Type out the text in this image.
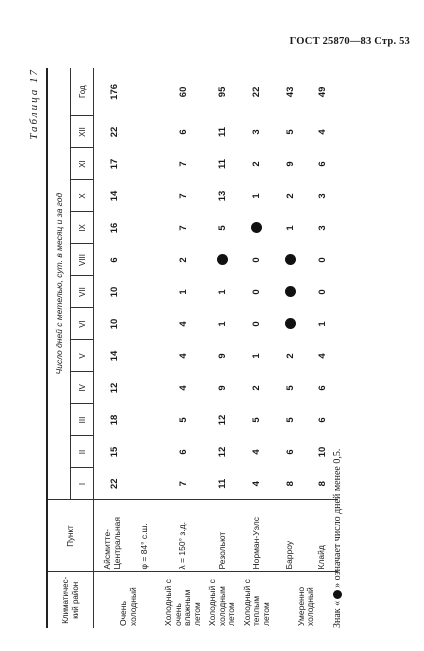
ГОСТ 25870—83 Стр. 53
Таблица 17
Климатичес-кий район	Пункт	Число дней с метелью, сут. в месяц и за год												
		I	II	III	IV	V	VI	VII	VIII	IX	X	XI	XII	Год
Очень холодный	Айсмитте-Центральная	22	15	18	12	14	10	10	6	16	14	17	22	176
	φ = 84° с.ш.													
Холодный с очень влажным летом	λ = 150° з.д.	7	6	5	4	4	4	1	2	7	7	7	6	60
Холодный с холодным летом	Резольют	11	12	12	9	9	1	1		5	13	11	11	95
Холодный с теплым летом	Норман-Уэлс	4	4	5	2	1	0	0	0		1	2	3	22
Умеренно холодный	Барроу	8	6	5	5	2				1	2	9	5	43
	Клайд	8	10	6	6	4	1	0	0	3	3	6	4	49
Знак «» означает число дней менее 0,5.
